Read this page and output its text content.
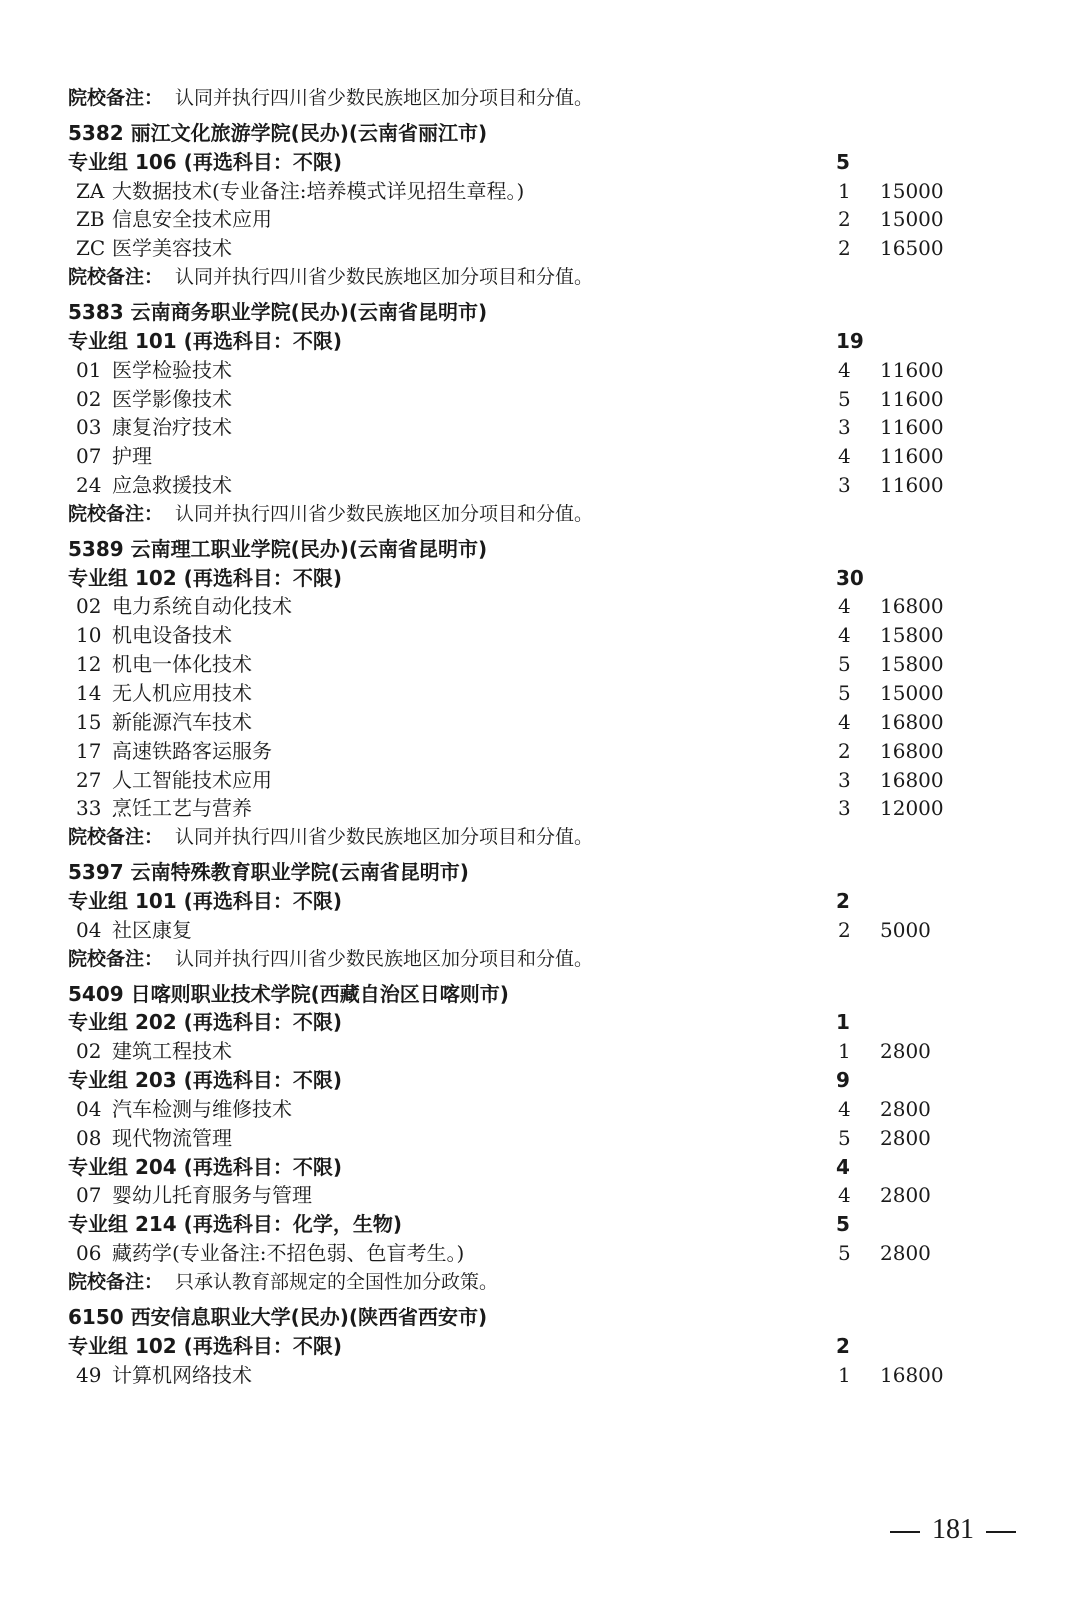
院校备注： 认同并执行四川省少数民族地区加分项目和分值。
5382 丽江文化旅游学院(民办)(云南省丽江市)
专业组 106 (再选科目：不限)	5
ZA 大数据技术(专业备注:培养模式详见招生章程。)	1 15000
ZB 信息安全技术应用	2 15000
ZC 医学美容技术	2 16500
院校备注： 认同并执行四川省少数民族地区加分项目和分值。
5383 云南商务职业学院(民办)(云南省昆明市)
专业组 101 (再选科目：不限)	19
01 医学检验技术	4 11600
02 医学影像技术	5 11600
03 康复治疗技术	3 11600
07 护理	4 11600
24 应急救援技术	3 11600
院校备注： 认同并执行四川省少数民族地区加分项目和分值。
5389 云南理工职业学院(民办)(云南省昆明市)
专业组 102 (再选科目：不限)	30
02 电力系统自动化技术	4 16800
10 机电设备技术	4 15800
12 机电一体化技术	5 15800
14 无人机应用技术	5 15000
15 新能源汽车技术	4 16800
17 高速铁路客运服务	2 16800
27 人工智能技术应用	3 16800
33 烹饪工艺与营养	3 12000
院校备注： 认同并执行四川省少数民族地区加分项目和分值。
5397 云南特殊教育职业学院(云南省昆明市)
专业组 101 (再选科目：不限)	2
04 社区康复	2 5000
院校备注： 认同并执行四川省少数民族地区加分项目和分值。
5409 日喀则职业技术学院(西藏自治区日喀则市)
专业组 202 (再选科目：不限)	1
02 建筑工程技术	1 2800
专业组 203 (再选科目：不限)	9
04 汽车检测与维修技术	4 2800
08 现代物流管理	5 2800
专业组 204 (再选科目：不限)	4
07 婴幼儿托育服务与管理	4 2800
专业组 214 (再选科目：化学，生物)	5
06 藏药学(专业备注:不招色弱、色盲考生。)	5 2800
院校备注： 只承认教育部规定的全国性加分政策。
6150 西安信息职业大学(民办)(陕西省西安市)
专业组 102 (再选科目：不限)	2
49 计算机网络技术	1 16800
181
